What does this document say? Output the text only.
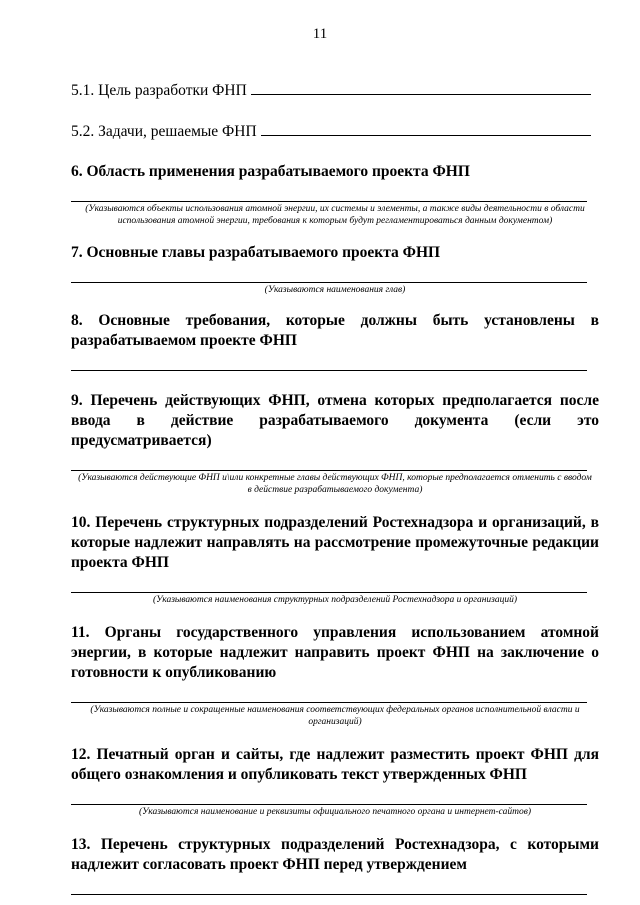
11
5.1. Цель разработки ФНП
5.2. Задачи, решаемые ФНП
6. Область применения разрабатываемого проекта ФНП
(Указываются объекты использования атомной энергии, их системы и элементы, а также виды деятельности в области использования атомной энергии, требования к которым будут регламентироваться данным документом)
7. Основные главы разрабатываемого проекта ФНП
(Указываются наименования глав)
8. Основные требования, которые должны быть установлены в разрабатываемом проекте ФНП
9. Перечень действующих ФНП, отмена которых предполагается после ввода в действие разрабатываемого документа (если это предусматривается)
(Указываются действующие ФНП и\или конкретные главы действующих ФНП, которые предполагается отменить с вводом в действие разрабатываемого документа)
10. Перечень структурных подразделений Ростехнадзора и организаций, в которые надлежит направлять на рассмотрение промежуточные редакции проекта ФНП
(Указываются наименования структурных подразделений Ростехнадзора и организаций)
11. Органы государственного управления использованием атомной энергии, в которые надлежит направить проект ФНП на заключение о готовности к опубликованию
(Указываются полные и сокращенные наименования соответствующих федеральных органов исполнительной власти и организаций)
12. Печатный орган и сайты, где надлежит разместить проект ФНП для общего ознакомления и опубликовать текст утвержденных ФНП
(Указываются наименование и реквизиты официального печатного органа и интернет-сайтов)
13. Перечень структурных подразделений Ростехнадзора, с которыми надлежит согласовать проект ФНП перед утверждением
